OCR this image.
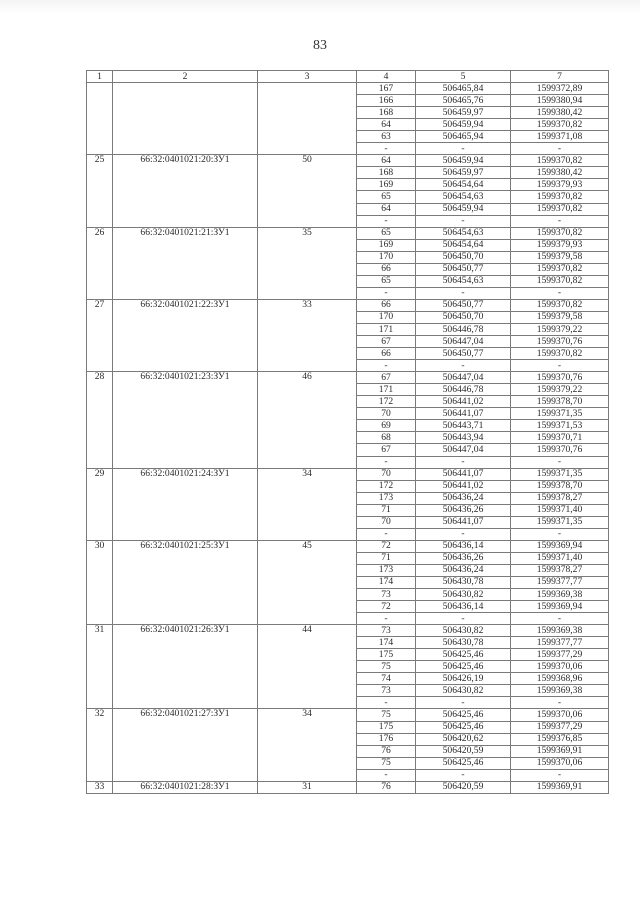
83
1	2	3	4	5	7
			167	506465,84	1599372,89
			166	506465,76	1599380,94
			168	506459,97	1599380,42
			64	506459,94	1599370,82
			63	506465,94	1599371,08
			-	-	-
25	66:32:0401021:20:ЗУ1	50	64	506459,94	1599370,82
			168	506459,97	1599380,42
			169	506454,64	1599379,93
			65	506454,63	1599370,82
			64	506459,94	1599370,82
			-	-	-
26	66:32:0401021:21:ЗУ1	35	65	506454,63	1599370,82
			169	506454,64	1599379,93
			170	506450,70	1599379,58
			66	506450,77	1599370,82
			65	506454,63	1599370,82
			-	-	-
27	66:32:0401021:22:ЗУ1	33	66	506450,77	1599370,82
			170	506450,70	1599379,58
			171	506446,78	1599379,22
			67	506447,04	1599370,76
			66	506450,77	1599370,82
			-	-	-
28	66:32:0401021:23:ЗУ1	46	67	506447,04	1599370,76
			171	506446,78	1599379,22
			172	506441,02	1599378,70
			70	506441,07	1599371,35
			69	506443,71	1599371,53
			68	506443,94	1599370,71
			67	506447,04	1599370,76
			-	-	-
29	66:32:0401021:24:ЗУ1	34	70	506441,07	1599371,35
			172	506441,02	1599378,70
			173	506436,24	1599378,27
			71	506436,26	1599371,40
			70	506441,07	1599371,35
			-	-	-
30	66:32:0401021:25:ЗУ1	45	72	506436,14	1599369,94
			71	506436,26	1599371,40
			173	506436,24	1599378,27
			174	506430,78	1599377,77
			73	506430,82	1599369,38
			72	506436,14	1599369,94
			-	-	-
31	66:32:0401021:26:ЗУ1	44	73	506430,82	1599369,38
			174	506430,78	1599377,77
			175	506425,46	1599377,29
			75	506425,46	1599370,06
			74	506426,19	1599368,96
			73	506430,82	1599369,38
			-	-	-
32	66:32:0401021:27:ЗУ1	34	75	506425,46	1599370,06
			175	506425,46	1599377,29
			176	506420,62	1599376,85
			76	506420,59	1599369,91
			75	506425,46	1599370,06
			-	-	-
33	66:32:0401021:28:ЗУ1	31	76	506420,59	1599369,91
